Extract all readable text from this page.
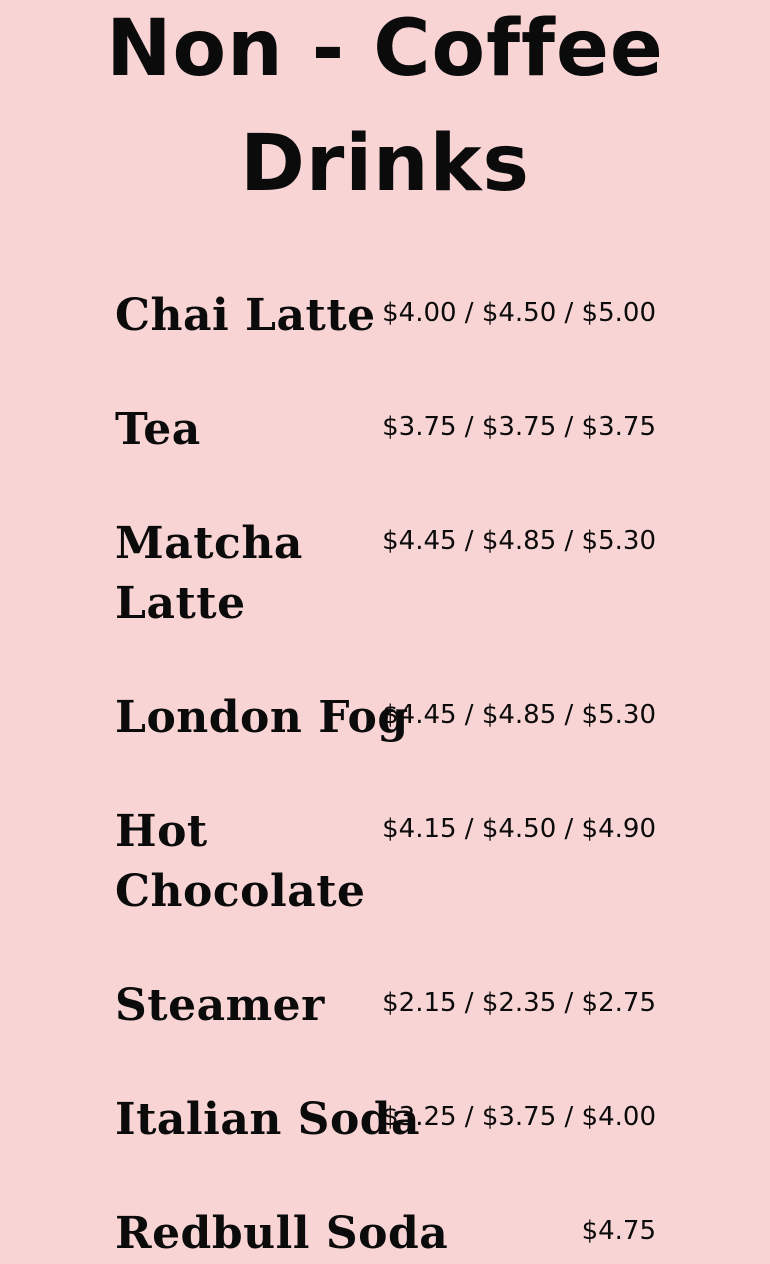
Non - Coffee
Drinks
Chai Latte $4.00 / $4.50 / $5.00
Tea	$3.75 / $3.75 / $3.75
Matcha Latte
$4.45 / $4.85 / $5.30
London Fog
$4.45 / $4.85 / $5.30
Hot Chocolate
$4.15 / $4.50 / $4.90
Steamer	$2.15 / $2.35 / $2.75
Italian Soda
$3.25 / $3.75 / $4.00
Redbull Soda	$4.75
